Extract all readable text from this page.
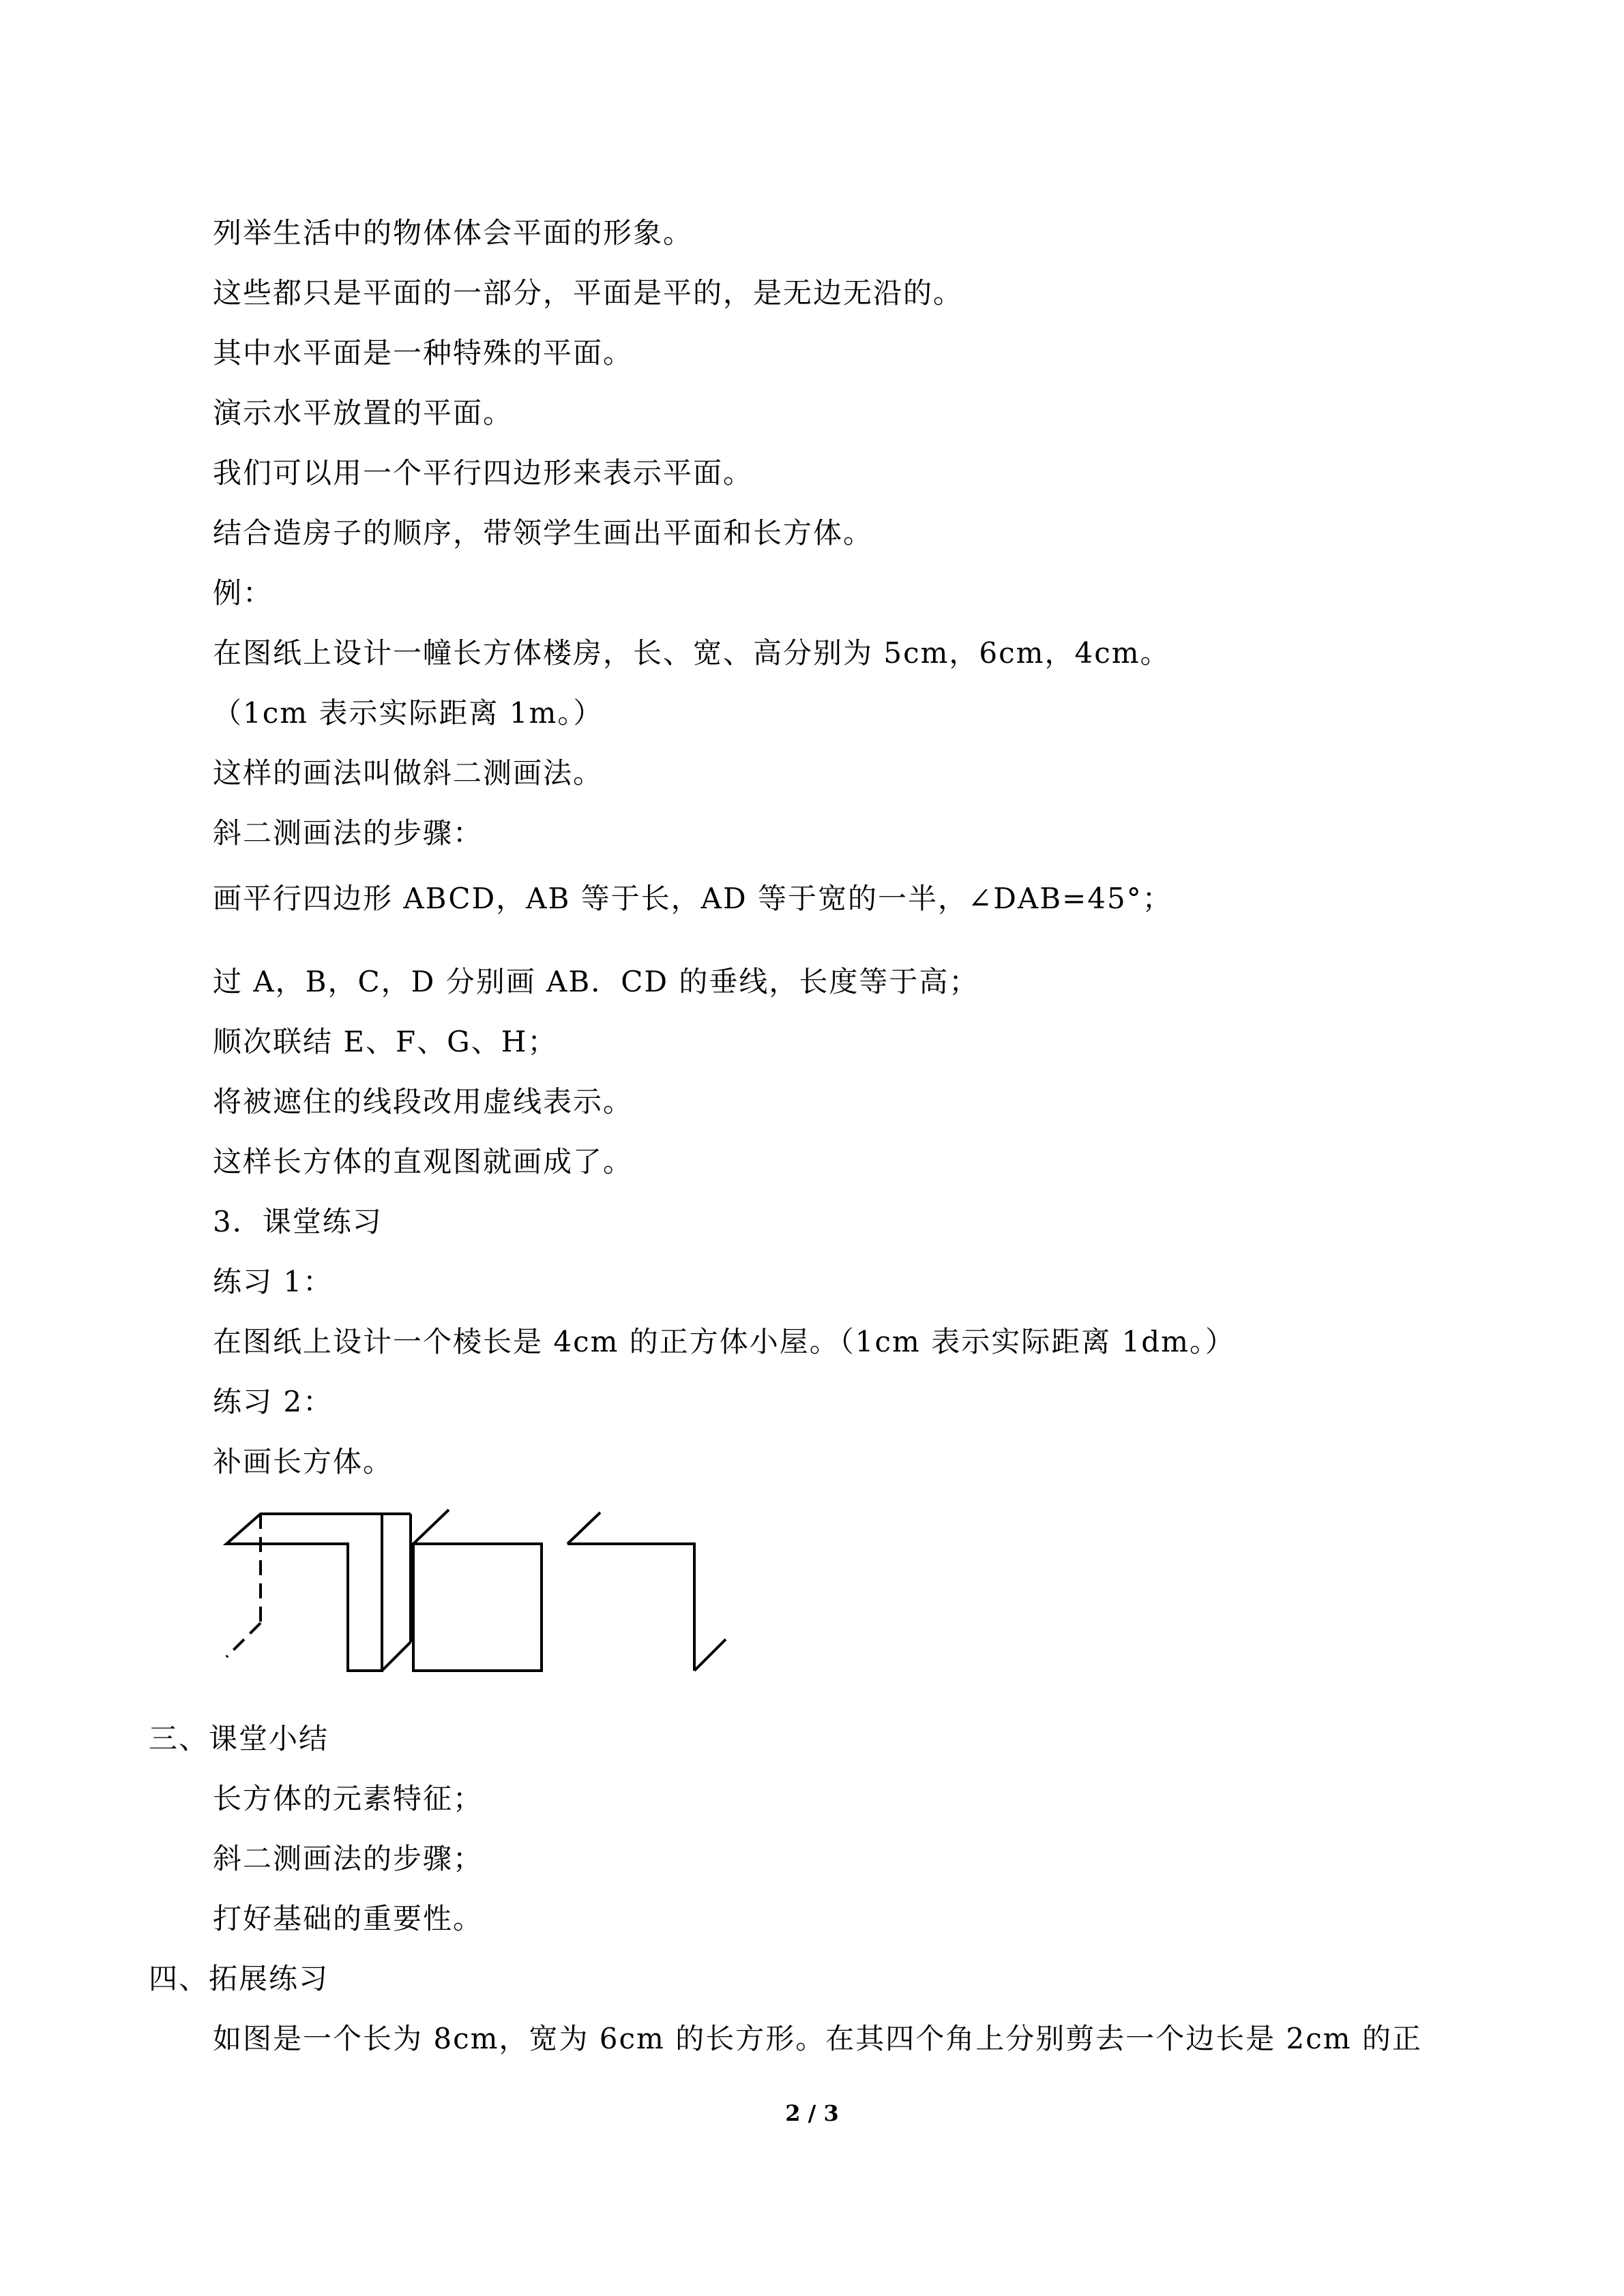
列举生活中的物体体会平面的形象。
这些都只是平面的一部分，平面是平的，是无边无沿的。
其中水平面是一种特殊的平面。
演示水平放置的平面。
我们可以用一个平行四边形来表示平面。
结合造房子的顺序，带领学生画出平面和长方体。
例：
在图纸上设计一幢长方体楼房，长、宽、高分别为 5cm，6cm，4cm。
（1cm 表示实际距离 1m。）
这样的画法叫做斜二测画法。
斜二测画法的步骤：
画平行四边形 ABCD，AB 等于长，AD 等于宽的一半，∠DAB=45°；
过 A，B，C，D 分别画 AB．CD 的垂线，长度等于高；
顺次联结 E、F、G、H；
将被遮住的线段改用虚线表示。
这样长方体的直观图就画成了。
3．课堂练习
练习 1：
在图纸上设计一个棱长是 4cm 的正方体小屋。（1cm 表示实际距离 1dm。）
练习 2：
补画长方体。
三、课堂小结
长方体的元素特征；
斜二测画法的步骤；
打好基础的重要性。
四、拓展练习
如图是一个长为 8cm，宽为 6cm 的长方形。在其四个角上分别剪去一个边长是 2cm 的正
2 / 3
